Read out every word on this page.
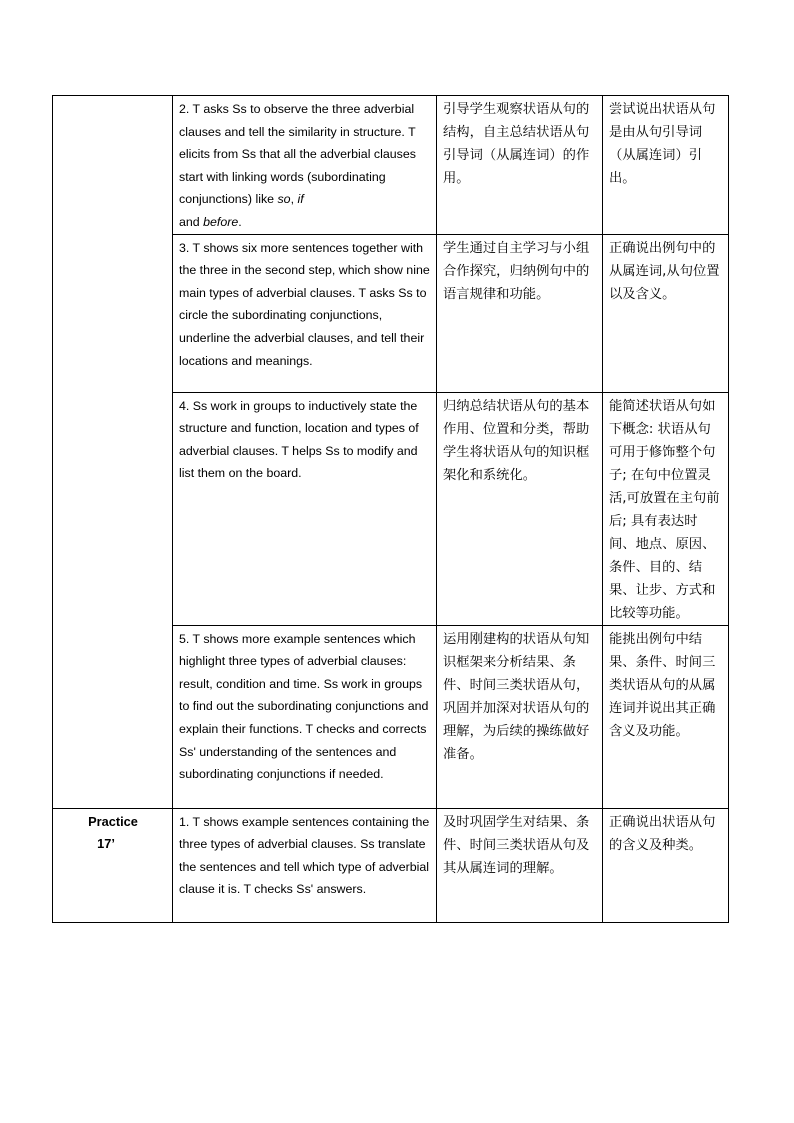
	2. T asks Ss to observe the three adverbial clauses and tell the similarity in structure. T elicits from Ss that all the adverbial clauses start with linking words (subordinating conjunctions) like so, if
and before.	引导学生观察状语从句的结构，自主总结状语从句引导词（从属连词）的作用。	尝试说出状语从句是由从句引导词（从属连词）引出。
	3. T shows six more sentences together with the three in the second step, which show nine main types of adverbial clauses. T asks Ss to circle the subordinating conjunctions, underline the adverbial clauses, and tell their locations and meanings.	学生通过自主学习与小组合作探究，归纳例句中的语言规律和功能。	正确说出例句中的从属连词,从句位置以及含义。
	4. Ss work in groups to inductively state the structure and function, location and types of adverbial clauses. T helps Ss to modify and list them on the board.	归纳总结状语从句的基本作用、位置和分类，帮助学生将状语从句的知识框架化和系统化。	能简述状语从句如下概念: 状语从句可用于修饰整个句子; 在句中位置灵活,可放置在主句前后; 具有表达时间、地点、原因、条件、目的、结果、让步、方式和比较等功能。
	5. T shows more example sentences which highlight three types of adverbial clauses: result, condition and time. Ss work in groups to find out the subordinating conjunctions and explain their functions. T checks and corrects Ss' understanding of the sentences and subordinating conjunctions if needed.	运用刚建构的状语从句知识框架来分析结果、条件、时间三类状语从句，巩固并加深对状语从句的理解，为后续的操练做好准备。	能挑出例句中结果、条件、时间三类状语从句的从属连词并说出其正确含义及功能。

Practice
17’	1. T shows example sentences containing the three types of adverbial clauses. Ss translate the sentences and tell which type of adverbial clause it is. T checks Ss' answers.	及时巩固学生对结果、条件、时间三类状语从句及其从属连词的理解。	正确说出状语从句的含义及种类。
